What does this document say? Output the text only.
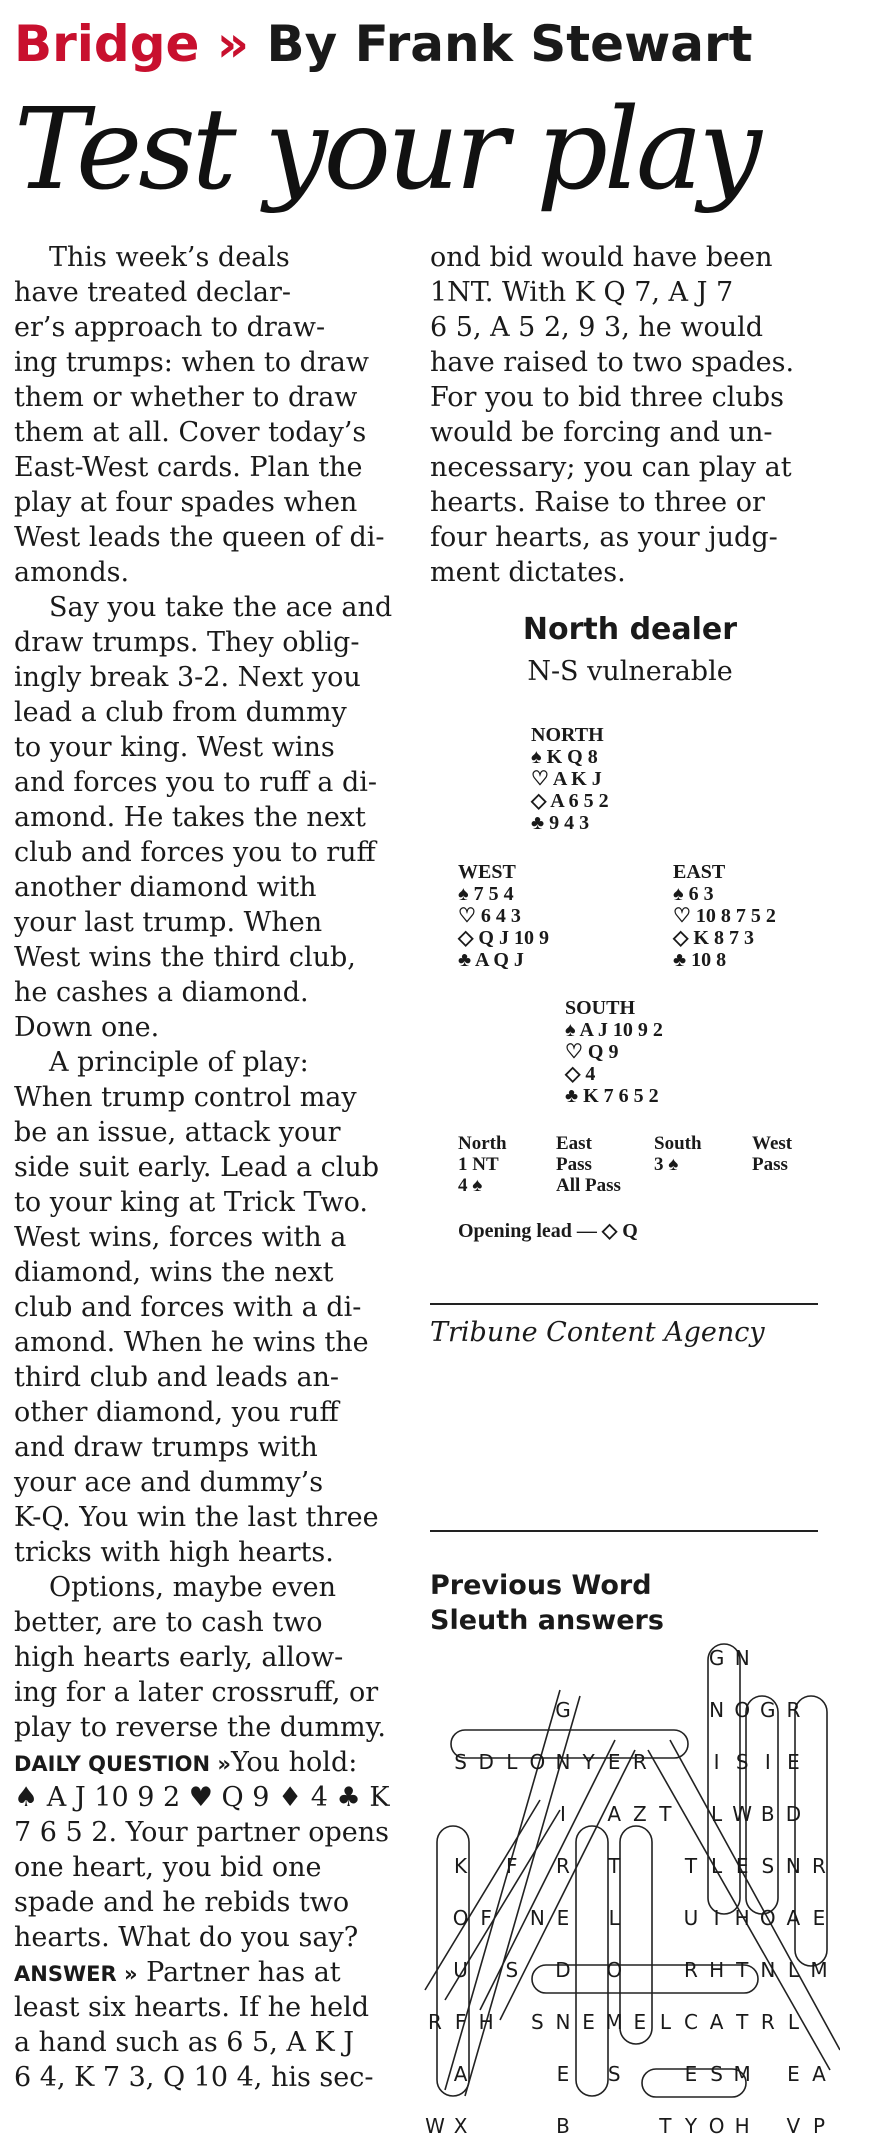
Bridge » By Frank Stewart
Test your play
This week’s deals
have treated declar-
er’s approach to draw-
ing trumps: when to draw
them or whether to draw
them at all. Cover today’s
East-West cards. Plan the
play at four spades when
West leads the queen of di-
amonds.
Say you take the ace and
draw trumps. They oblig-
ingly break 3-2. Next you
lead a club from dummy
to your king. West wins
and forces you to ruff a di-
amond. He takes the next
club and forces you to ruff
another diamond with
your last trump. When
West wins the third club,
he cashes a diamond.
Down one.
A principle of play:
When trump control may
be an issue, attack your
side suit early. Lead a club
to your king at Trick Two.
West wins, forces with a
diamond, wins the next
club and forces with a di-
amond. When he wins the
third club and leads an-
other diamond, you ruff
and draw trumps with
your ace and dummy’s
K-Q. You win the last three
tricks with high hearts.
Options, maybe even
better, are to cash two
high hearts early, allow-
ing for a later crossruff, or
play to reverse the dummy.
DAILY QUESTION »You hold:
♠ A J 10 9 2 ♥ Q 9 ♦ 4 ♣ K
7 6 5 2. Your partner opens
one heart, you bid one
spade and he rebids two
hearts. What do you say?
ANSWER » Partner has at
least six hearts. If he held
a hand such as 6 5, A K J
6 4, K 7 3, Q 10 4, his sec-
ond bid would have been
1NT. With K Q 7, A J 7
6 5, A 5 2, 9 3, he would
have raised to two spades.
For you to bid three clubs
would be forcing and un-
necessary; you can play at
hearts. Raise to three or
four hearts, as your judg-
ment dictates.
North dealer
N-S vulnerable
NORTH
♠ K Q 8
♡ A K J
◇ A 6 5 2
♣ 9 4 3
WEST
♠ 7 5 4
♡ 6 4 3
◇ Q J 10 9
♣ A Q J
EAST
♠ 6 3
♡ 10 8 7 5 2
◇ K 8 7 3
♣ 10 8
SOUTH
♠ A J 10 9 2
♡ Q 9
◇ 4
♣ K 7 6 5 2
North	East	South	West
1 NT	Pass	3 ♠	Pass
4 ♠	All Pass
Opening lead — ◇ Q
Tribune Content Agency
Previous Word
Sleuth answers
G N
G	N O G R
S D L O N Y E R	I S I E
I	A Z T	L W B D
K	F	R	T	T L E S N R
O F	N E	L	U I H O A E
U	S	D	O	R H T N L M
R F H	S N E M E L C A T R L
A	E	S	E S M	E A
W X	B	T Y O H	V P
